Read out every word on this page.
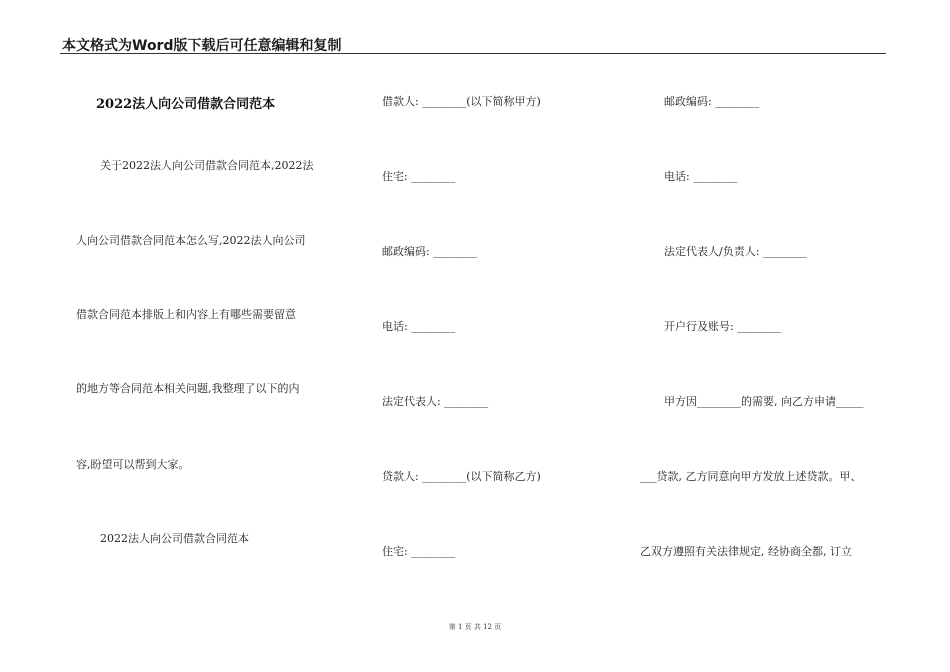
本文格式为Word版下载后可任意编辑和复制
2022法人向公司借款合同范本
关于2022法人向公司借款合同范本,2022法
人向公司借款合同范本怎么写,2022法人向公司
借款合同范本排版上和内容上有哪些需要留意
的地方等合同范本相关问题,我整理了以下的内
容,盼望可以帮到大家。
2022法人向公司借款合同范本
借款人: ________(以下简称甲方)
住宅: ________
邮政编码: ________
电话: ________
法定代表人: ________
贷款人: ________(以下简称乙方)
住宅: ________
邮政编码: ________
电话: ________
法定代表人/负责人: ________
开户行及账号: ________
甲方因________的需要, 向乙方申请_____
___贷款, 乙方同意向甲方发放上述贷款。甲、
乙双方遵照有关法律规定, 经协商全都, 订立
第 1 页 共 12 页
